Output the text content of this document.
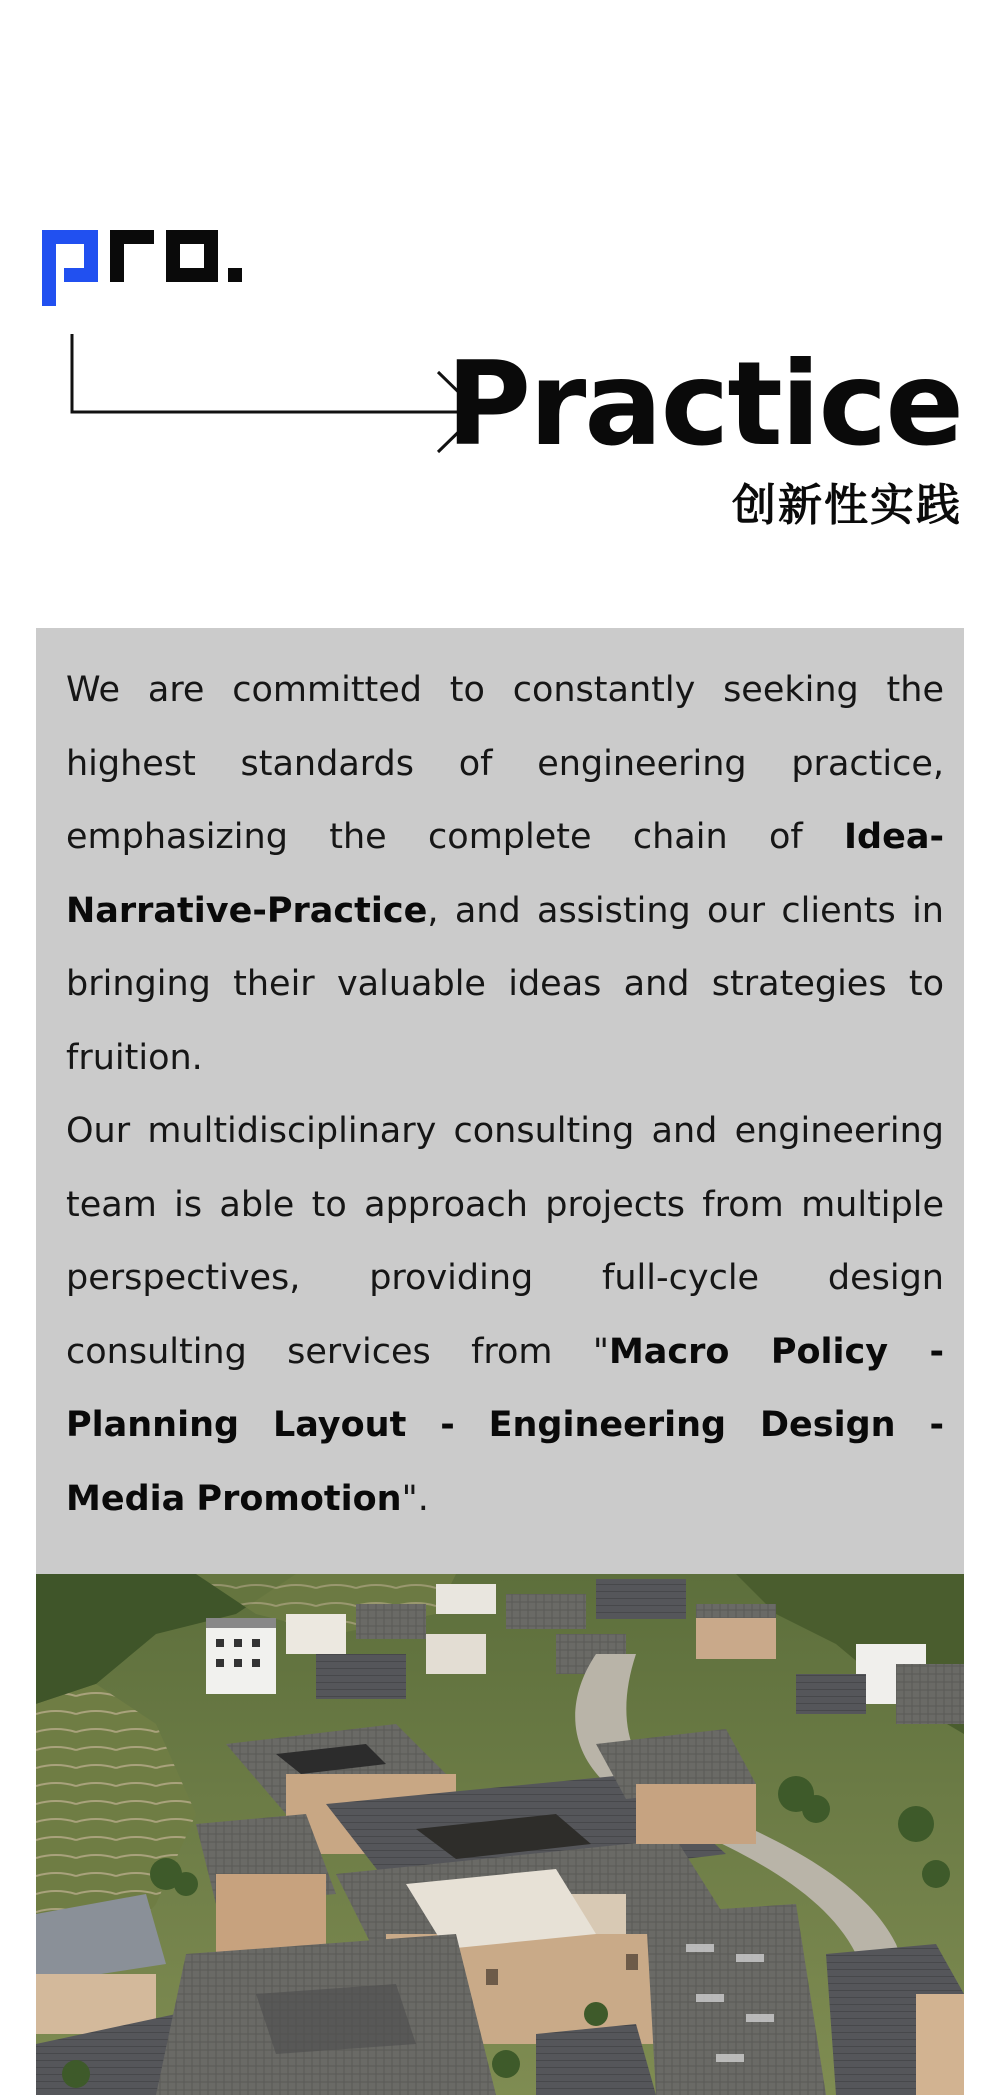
Practice
创新性实践

We are committed to constantly seeking the highest standards of engineering practice, emphasizing the complete chain of Idea-Narrative-Practice, and assisting our clients in bringing their valuable ideas and strategies to fruition.

Our multidisciplinary consulting and engineering team is able to approach projects from multiple perspectives, providing full-cycle design consulting services from "Macro Policy - Planning Layout - Engineering Design - Media Promotion".
